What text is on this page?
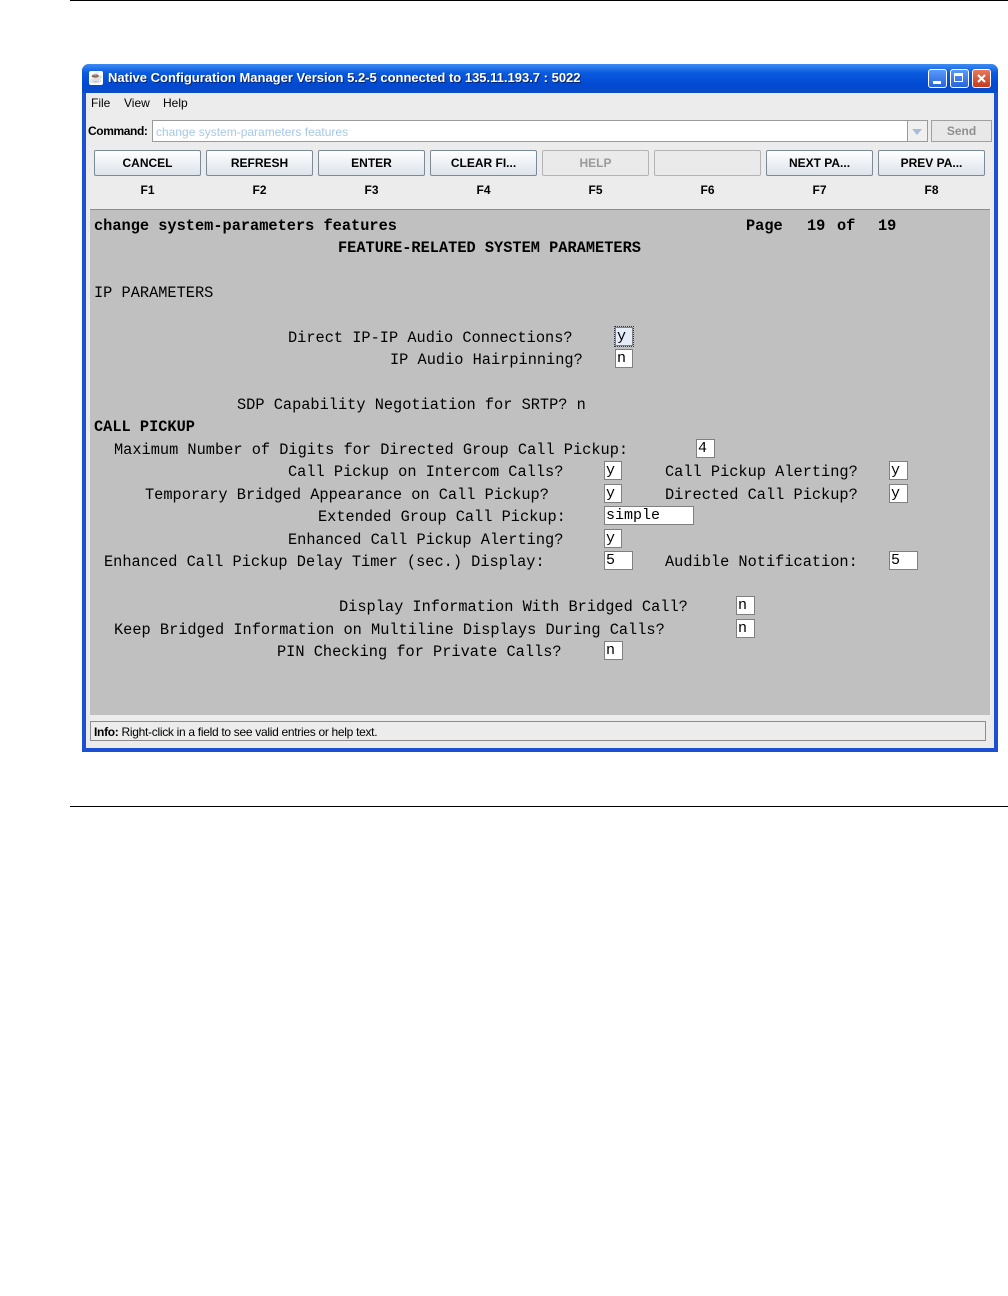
☕ Native Configuration Manager Version 5.2-5 connected to 135.11.193.7 : 5022
File View Help
Command: change system-parameters features	Send
CANCEL	REFRESH	ENTER	CLEAR FI...	HELP	NEXT PA...	PREV PA...
F1	F2	F3	F4	F5	F6	F7	F8
change system-parameters features	Page 19 of 19
FEATURE-RELATED SYSTEM PARAMETERS
IP PARAMETERS
Direct IP-IP Audio Connections?	y
IP Audio Hairpinning? n
SDP Capability Negotiation for SRTP? n
CALL PICKUP
Maximum Number of Digits for Directed Group Call Pickup:	4
Call Pickup on Intercom Calls?	y	Call Pickup Alerting? y
Temporary Bridged Appearance on Call Pickup?	y	Directed Call Pickup? y
Extended Group Call Pickup:	simple
Enhanced Call Pickup Alerting?	y
Enhanced Call Pickup Delay Timer (sec.) Display:	5	Audible Notification: 5
Display Information With Bridged Call?	n
Keep Bridged Information on Multiline Displays During Calls?	n
PIN Checking for Private Calls?	n
Info: Right-click in a field to see valid entries or help text.
